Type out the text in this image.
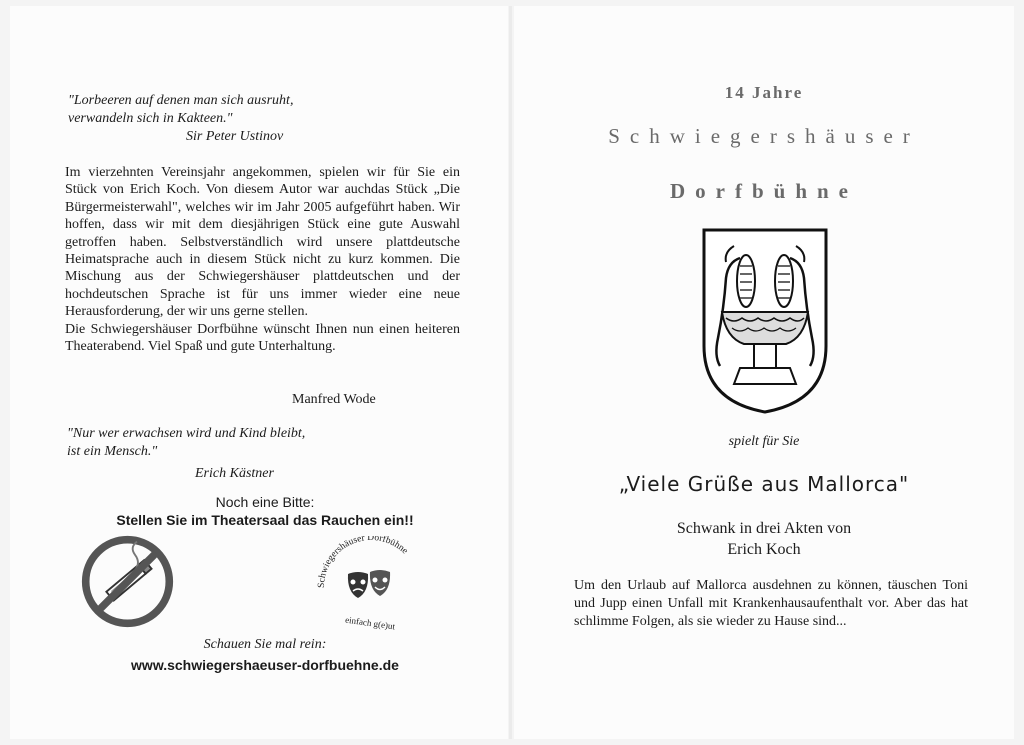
"Lorbeeren auf denen man sich ausruht,
verwandeln sich in Kakteen."
Sir Peter Ustinov

Im vierzehnten Vereinsjahr angekommen, spielen wir für Sie ein Stück von Erich Koch. Von diesem Autor war auchdas Stück „Die Bürgermeisterwahl", welches wir im Jahr 2005 aufgeführt haben. Wir hoffen, dass wir mit dem diesjährigen Stück eine gute Auswahl getroffen haben. Selbstverständlich wird unsere plattdeutsche Heimatsprache auch in diesem Stück nicht zu kurz kommen. Die Mischung aus der Schwiegershäuser plattdeutschen und der hochdeutschen Sprache ist für uns immer wieder eine neue Herausforderung, der wir uns gerne stellen.

Die Schwiegershäuser Dorfbühne wünscht Ihnen nun einen heiteren Theaterabend. Viel Spaß und gute Unterhaltung.

Manfred Wode
"Nur wer erwachsen wird und Kind bleibt,
ist ein Mensch."
Erich Kästner
Noch eine Bitte:
Stellen Sie im Theatersaal das Rauchen ein!!
Schwiegershäuser Dorfbühne
einfach g(e)ut
Schauen Sie mal rein:
www.schwiegershaeuser-dorfbuehne.de
14 Jahre
Schwiegershäuser
Dorfbühne
spielt für Sie
„Viele Grüße aus Mallorca"
Schwank in drei Akten von
Erich Koch
Um den Urlaub auf Mallorca ausdehnen zu können, täuschen Toni und Jupp einen Unfall mit Krankenhausaufenthalt vor. Aber das hat schlimme Folgen, als sie wieder zu Hause sind...
